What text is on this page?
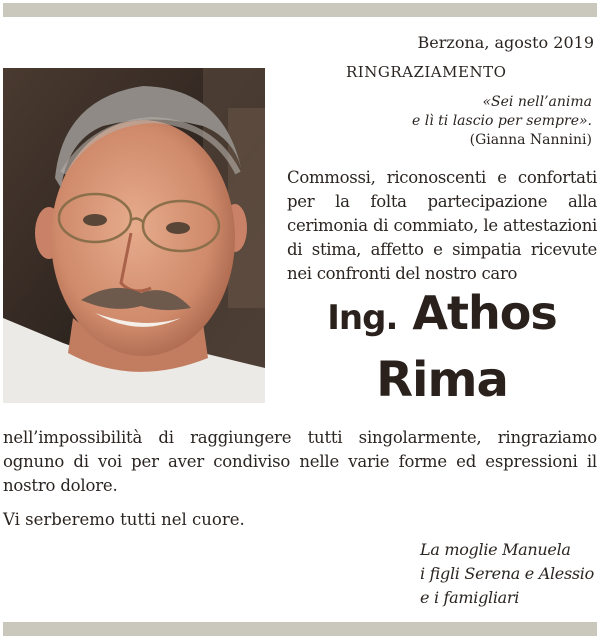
Berzona, agosto 2019
RINGRAZIAMENTO
«Sei nell’anima
e lì ti lascio per sempre».
(Gianna Nannini)
Commossi, riconoscenti e confortati per la folta partecipazione alla cerimonia di commiato, le attestazioni di stima, affetto e simpatia ricevute nei confronti del nostro caro
Ing. Athos
Rima
nell’impossibilità di raggiungere tutti singolarmente, ringraziamo ognuno di voi per aver condiviso nelle varie forme ed espressioni il nostro dolore.
Vi serberemo tutti nel cuore.
La moglie Manuela
i figli Serena e Alessio
e i famigliari
